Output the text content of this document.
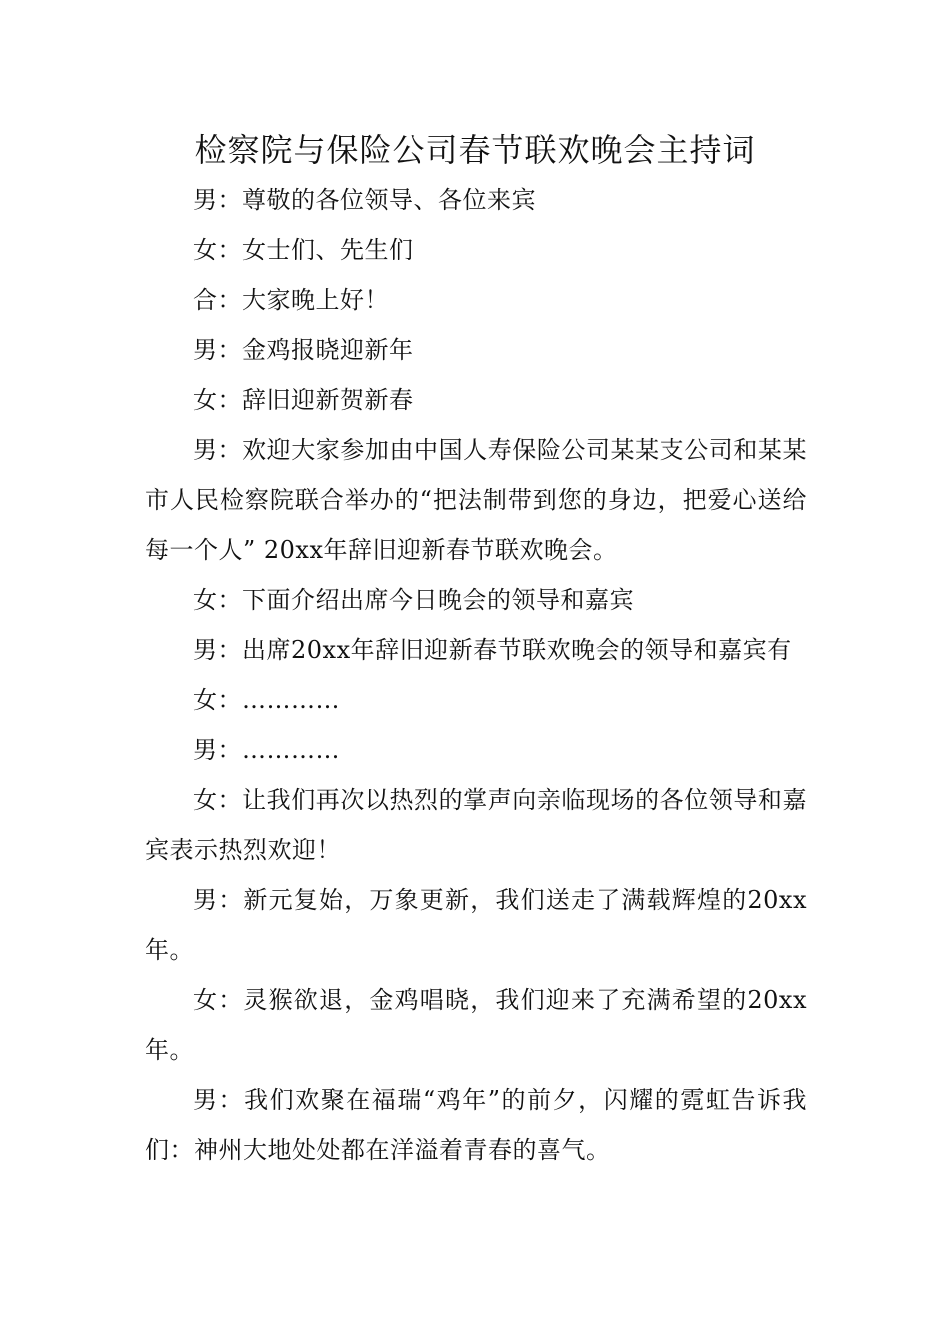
检察院与保险公司春节联欢晚会主持词

男：尊敬的各位领导、各位来宾

女：女士们、先生们

合：大家晚上好！

男：金鸡报晓迎新年

女：辞旧迎新贺新春

男：欢迎大家参加由中国人寿保险公司某某支公司和某某市人民检察院联合举办的“把法制带到您的身边，把爱心送给每一个人” 20xx年辞旧迎新春节联欢晚会。

女：下面介绍出席今日晚会的领导和嘉宾

男：出席20xx年辞旧迎新春节联欢晚会的领导和嘉宾有

女：…………

男：…………

女：让我们再次以热烈的掌声向亲临现场的各位领导和嘉宾表示热烈欢迎！

男：新元复始，万象更新，我们送走了满载辉煌的20xx年。

女：灵猴欲退，金鸡唱晓，我们迎来了充满希望的20xx年。

男：我们欢聚在福瑞“鸡年”的前夕，闪耀的霓虹告诉我们：神州大地处处都在洋溢着青春的喜气。
